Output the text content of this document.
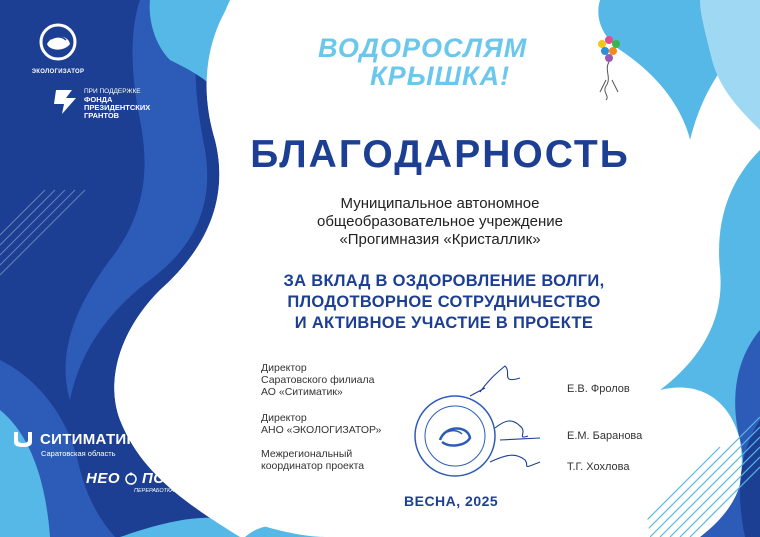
ЭКОЛОГИЗАТОР
ПРИ ПОДДЕРЖКЕ
ФОНДА
ПРЕЗИДЕНТСКИХ
ГРАНТОВ
ВОДОРОСЛЯМ
КРЫШКА!
БЛАГОДАРНОСТЬ
Муниципальное автономное
общеобразовательное учреждение
«Прогимназия «Кристаллик»
ЗА ВКЛАД В ОЗДОРОВЛЕНИЕ ВОЛГИ,
ПЛОДОТВОРНОЕ СОТРУДНИЧЕСТВО
И АКТИВНОЕ УЧАСТИЕ В ПРОЕКТЕ
Директор
Саратовского филиала
АО «Ситиматик»	Е.В. Фролов
Директор
АНО «ЭКОЛОГИЗАТОР»	Е.М. Баранова
Межрегиональный
координатор проекта	Т.Г. Хохлова
ВЕСНА, 2025
СИТИМАТИК
Саратовская область
НЕО ПОЛИМЕР
ПЕРЕРАБОТКА ПОЛИМЕРОВ
